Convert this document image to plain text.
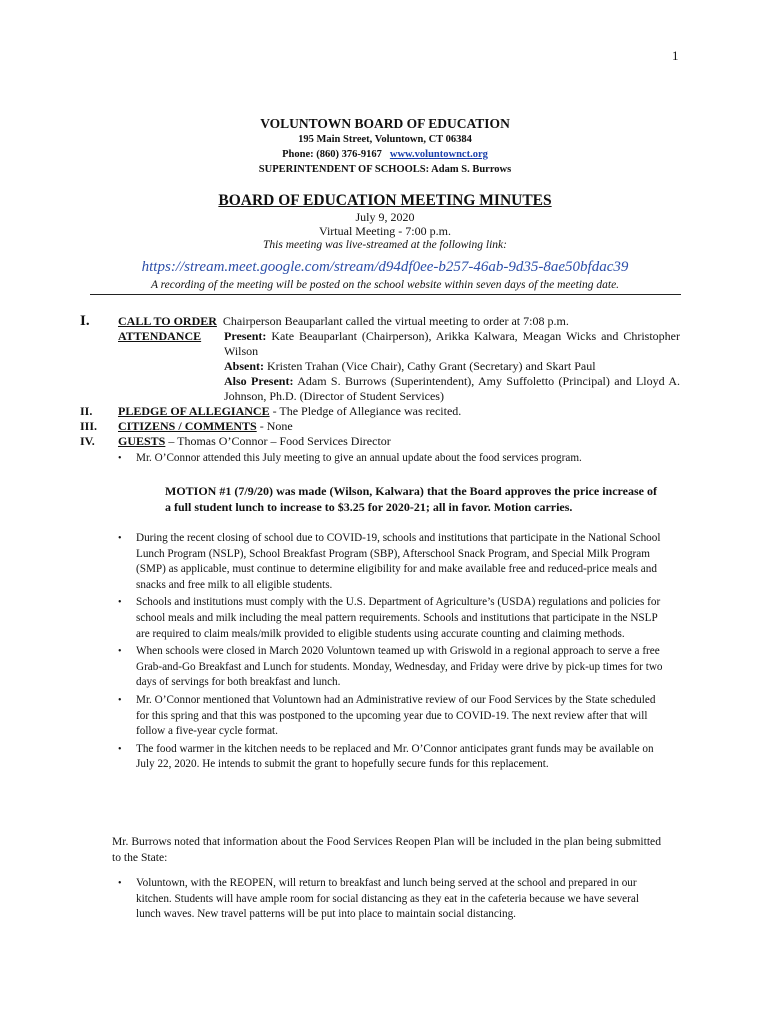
1
VOLUNTOWN BOARD OF EDUCATION
195 Main Street, Voluntown, CT 06384
Phone: (860) 376-9167 www.voluntownct.org
SUPERINTENDENT OF SCHOOLS: Adam S. Burrows
BOARD OF EDUCATION MEETING MINUTES
July 9, 2020
Virtual Meeting - 7:00 p.m.
This meeting was live-streamed at the following link:
https://stream.meet.google.com/stream/d94df0ee-b257-46ab-9d35-8ae50bfdac39
A recording of the meeting will be posted on the school website within seven days of the meeting date.
I.	CALL TO ORDER Chairperson Beauparlant called the virtual meeting to order at 7:08 p.m.
ATTENDANCE	Present: Kate Beauparlant (Chairperson), Arikka Kalwara, Meagan Wicks and Christopher Wilson
Absent: Kristen Trahan (Vice Chair), Cathy Grant (Secretary) and Skart Paul
Also Present: Adam S. Burrows (Superintendent), Amy Suffoletto (Principal) and Lloyd A. Johnson, Ph.D. (Director of Student Services)
II.	PLEDGE OF ALLEGIANCE - The Pledge of Allegiance was recited.
III.	CITIZENS / COMMENTS - None
IV.	GUESTS – Thomas O’Connor – Food Services Director
•	Mr. O’Connor attended this July meeting to give an annual update about the food services program.
MOTION #1 (7/9/20) was made (Wilson, Kalwara) that the Board approves the price increase of a full student lunch to increase to $3.25 for 2020-21; all in favor. Motion carries.
•	During the recent closing of school due to COVID-19, schools and institutions that participate in the National School Lunch Program (NSLP), School Breakfast Program (SBP), Afterschool Snack Program, and Special Milk Program (SMP) as applicable, must continue to determine eligibility for and make available free and reduced-price meals and snacks and free milk to all eligible students.
•	Schools and institutions must comply with the U.S. Department of Agriculture’s (USDA) regulations and policies for school meals and milk including the meal pattern requirements. Schools and institutions that participate in the NSLP are required to claim meals/milk provided to eligible students using accurate counting and claiming methods.
•	When schools were closed in March 2020 Voluntown teamed up with Griswold in a regional approach to serve a free Grab-and-Go Breakfast and Lunch for students. Monday, Wednesday, and Friday were drive by pick-up times for two days of servings for both breakfast and lunch.
•	Mr. O’Connor mentioned that Voluntown had an Administrative review of our Food Services by the State scheduled for this spring and that this was postponed to the upcoming year due to COVID-19. The next review after that will follow a five-year cycle format.
•	The food warmer in the kitchen needs to be replaced and Mr. O’Connor anticipates grant funds may be available on July 22, 2020. He intends to submit the grant to hopefully secure funds for this replacement.
Mr. Burrows noted that information about the Food Services Reopen Plan will be included in the plan being submitted to the State:
•	Voluntown, with the REOPEN, will return to breakfast and lunch being served at the school and prepared in our kitchen. Students will have ample room for social distancing as they eat in the cafeteria because we have several lunch waves. New travel patterns will be put into place to maintain social distancing.
